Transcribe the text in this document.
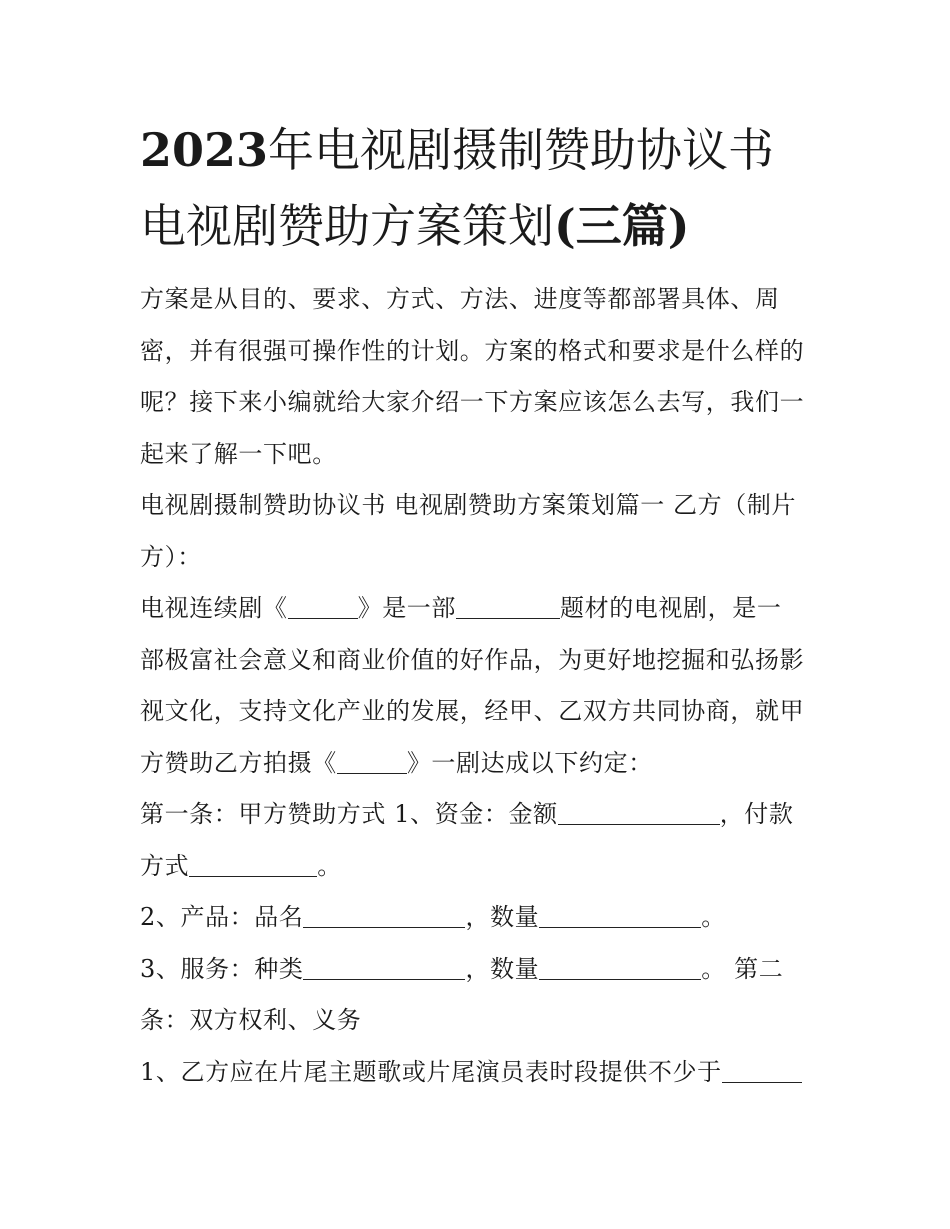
2023年电视剧摄制赞助协议书
电视剧赞助方案策划(三篇)

方案是从目的、要求、方式、方法、进度等都部署具体、周
密，并有很强可操作性的计划。方案的格式和要求是什么样的
呢？接下来小编就给大家介绍一下方案应该怎么去写，我们一
起来了解一下吧。

电视剧摄制赞助协议书 电视剧赞助方案策划篇一 乙方（制片
方）：

电视连续剧《	》是一部	题材的电视剧，是一
部极富社会意义和商业价值的好作品，为更好地挖掘和弘扬影
视文化，支持文化产业的发展，经甲、乙双方共同协商，就甲
方赞助乙方拍摄《	》一剧达成以下约定：

第一条：甲方赞助方式 1、资金：金额	，付款
方式	。

2、产品：品名	，数量	。

3、服务：种类	，数量	。 第二
条：双方权利、义务

1、乙方应在片尾主题歌或片尾演员表时段提供不少于
